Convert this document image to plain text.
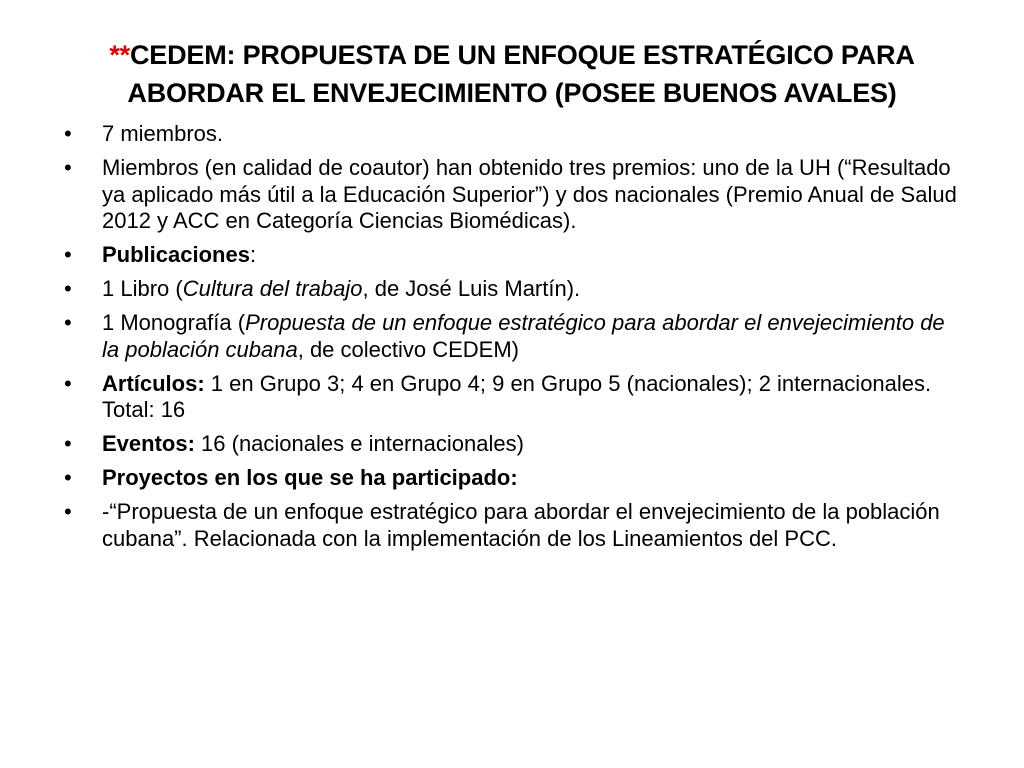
**CEDEM: PROPUESTA DE UN ENFOQUE ESTRATÉGICO PARA ABORDAR EL ENVEJECIMIENTO (POSEE BUENOS AVALES)
•	7 miembros.
•	Miembros (en calidad de coautor) han obtenido tres premios: uno de la UH (“Resultado ya aplicado más útil a la Educación Superior”) y dos nacionales (Premio Anual de Salud 2012 y ACC en Categoría Ciencias Biomédicas).
•	Publicaciones:
•	1 Libro (Cultura del trabajo, de José Luis Martín).
•	1 Monografía (Propuesta de un enfoque estratégico para abordar el envejecimiento de la población cubana, de colectivo CEDEM)
•	Artículos: 1 en Grupo 3; 4 en Grupo 4; 9 en Grupo 5 (nacionales); 2 internacionales. Total: 16
•	Eventos: 16 (nacionales e internacionales)
•	Proyectos en los que se ha participado:
•	-“Propuesta de un enfoque estratégico para abordar el envejecimiento de la población cubana”. Relacionada con la implementación de los Lineamientos del PCC.
